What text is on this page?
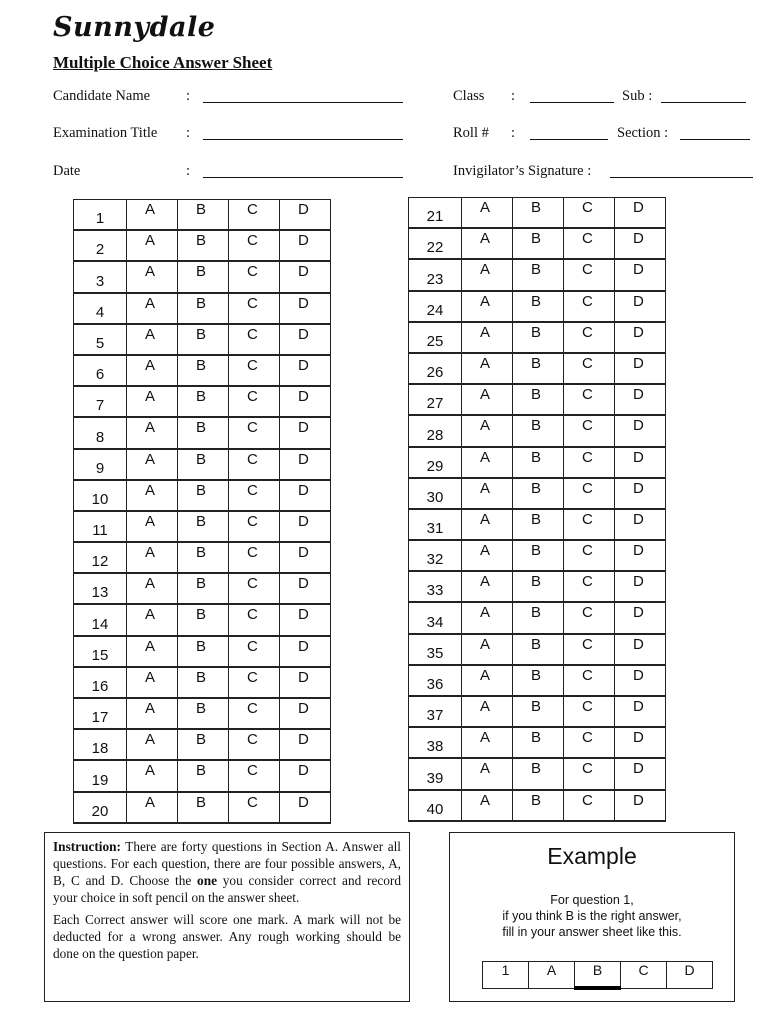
Sunnydale
Multiple Choice Answer Sheet
Candidate Name :
Examination Title :
Date	:
Class :	Sub :
Roll # :	Section :
Invigilator’s Signature :
1	A	B	C	D

2	A	B	C	D

3	A	B	C	D

4	A	B	C	D

5	A	B	C	D

6	A	B	C	D

7	A	B	C	D

8	A	B	C	D

9	A	B	C	D

10	A	B	C	D

11	A	B	C	D

12	A	B	C	D

13	A	B	C	D

14	A	B	C	D

15	A	B	C	D

16	A	B	C	D

17	A	B	C	D

18	A	B	C	D

19	A	B	C	D

20	A	B	C	D
21	A	B	C	D

22	A	B	C	D

23	A	B	C	D

24	A	B	C	D

25	A	B	C	D

26	A	B	C	D

27	A	B	C	D

28	A	B	C	D

29	A	B	C	D

30	A	B	C	D

31	A	B	C	D

32	A	B	C	D

33	A	B	C	D

34	A	B	C	D

35	A	B	C	D

36	A	B	C	D

37	A	B	C	D

38	A	B	C	D

39	A	B	C	D

40	A	B	C	D

Instruction: There are forty questions in Section A. Answer all questions. For each question, there are four possible answers, A, B, C and D. Choose the one you consider correct and record your choice in soft pencil on the answer sheet.

Each Correct answer will score one mark. A mark will not be deducted for a wrong answer. Any rough working should be done on the question paper.

Example
For question 1,
if you think B is the right answer,
fill in your answer sheet like this.
1	A	B	C	D
